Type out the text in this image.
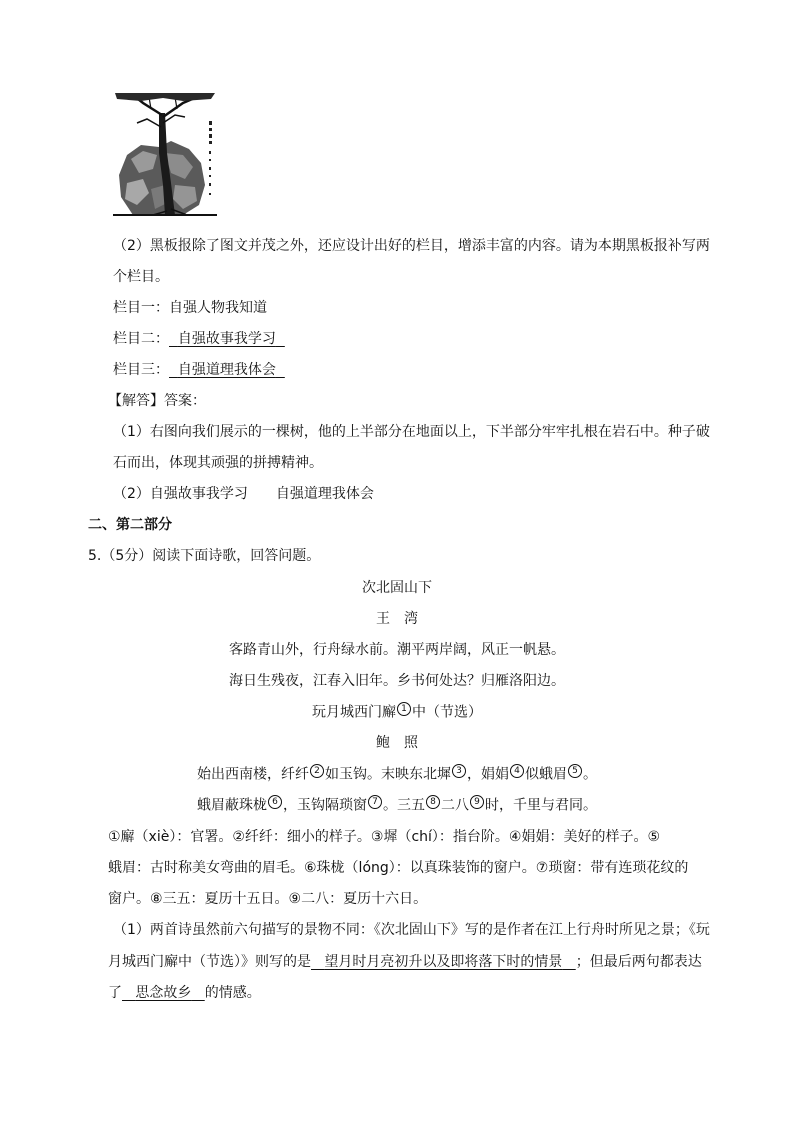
（2）黑板报除了图文并茂之外，还应设计出好的栏目，增添丰富的内容。请为本期黑板报补写两
个栏目。
栏目一：自强人物我知道
栏目二： 自强故事我学习
栏目三： 自强道理我体会
【解答】答案：
（1）右图向我们展示的一棵树，他的上半部分在地面以上，下半部分牢牢扎根在岩石中。种子破
石而出，体现其顽强的拼搏精神。
（2）自强故事我学习 自强道理我体会
二、第二部分
5.（5分）阅读下面诗歌，回答问题。
次北固山下
王　湾
客路青山外，行舟绿水前。潮平两岸阔，风正一帆悬。
海日生残夜，江春入旧年。乡书何处达？归雁洛阳边。
玩月城西门廨 $^1$ 中（节选）
鲍　照
始出西南楼，纤纤 $^2$ 如玉钩。末映东北墀 $^3$ ，娟娟 $^4$ 似蛾眉 $^5$ 。
蛾眉蔽珠栊 $^6$ ，玉钩隔琐窗 $^7$ 。三五 $^8$ 二八 $^9$ 时，千里与君同。
①廨（xiè）：官署。②纤纤：细小的样子。③墀（chí）：指台阶。④娟娟：美好的样子。⑤
蛾眉：古时称美女弯曲的眉毛。⑥珠栊（lóng）：以真珠装饰的窗户。⑦琐窗：带有连琐花纹的
窗户。⑧三五：夏历十五日。⑨二八：夏历十六日。
（1）两首诗虽然前六句描写的景物不同：《次北固山下》写的是作者在江上行舟时所见之景；《玩
月城西门廨中（节选）》则写的是 望月时月亮初升以及即将落下时的情景 ；但最后两句都表达
了 思念故乡 的情感。
